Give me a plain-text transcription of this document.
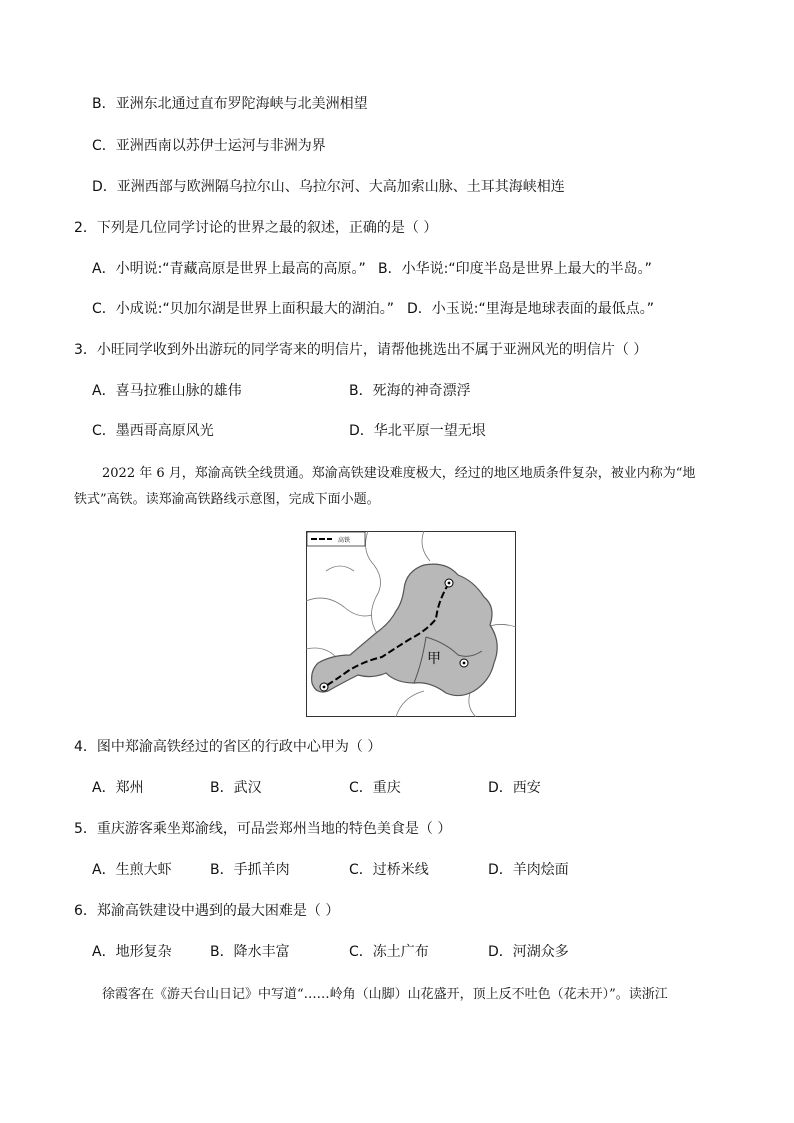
B．亚洲东北通过直布罗陀海峡与北美洲相望
C．亚洲西南以苏伊士运河与非洲为界
D．亚洲西部与欧洲隔乌拉尔山、乌拉尔河、大高加索山脉、土耳其海峡相连
2．下列是几位同学讨论的世界之最的叙述，正确的是（ ）
A．小明说:“青藏高原是世界上最高的高原。” B．小华说:“印度半岛是世界上最大的半岛。”
C．小成说:“贝加尔湖是世界上面积最大的湖泊。” D．小玉说:“里海是地球表面的最低点。”
3．小旺同学收到外出游玩的同学寄来的明信片，请帮他挑选出不属于亚洲风光的明信片（ ）
A．喜马拉雅山脉的雄伟	B．死海的神奇漂浮
C．墨西哥高原风光	D．华北平原一望无垠
2022 年 6 月，郑渝高铁全线贯通。郑渝高铁建设难度极大，经过的地区地质条件复杂，被业内称为“地
铁式”高铁。读郑渝高铁路线示意图，完成下面小题。
甲
高铁
4．图中郑渝高铁经过的省区的行政中心甲为（ ）
A．郑州	B．武汉	C．重庆	D．西安
5．重庆游客乘坐郑渝线，可品尝郑州当地的特色美食是（ ）
A．生煎大虾	B．手抓羊肉	C．过桥米线	D．羊肉烩面
6．郑渝高铁建设中遇到的最大困难是（ ）
A．地形复杂	B．降水丰富	C．冻土广布	D．河湖众多
徐霞客在《游天台山日记》中写道“……岭角（山脚）山花盛开，顶上反不吐色（花未开）”。读浙江
